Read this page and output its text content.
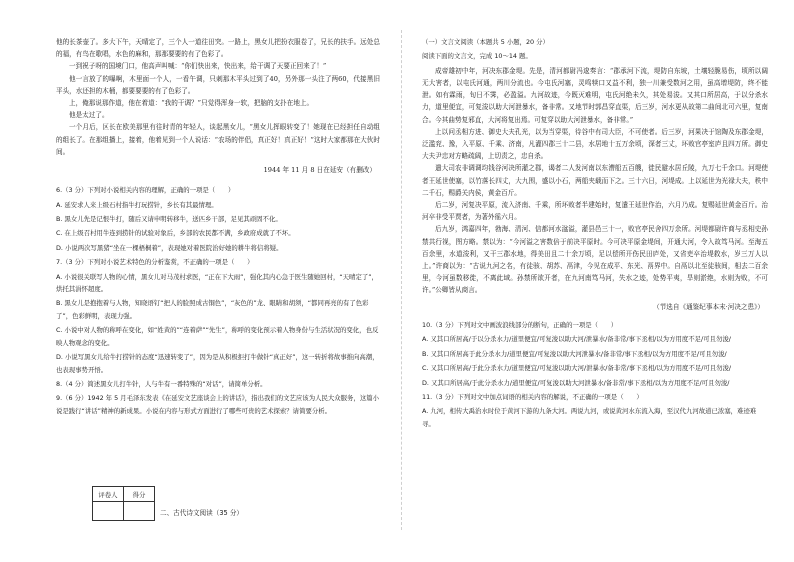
他的长茶壶了。多大下午，天晴定了，三个人一道往田突。一路上，黑女儿把扮衣服卷了，兄长的扶手。远处总的福，有鸟在歌唱，水色的麻和，那那要要的有了色彩了。

一到祝子呀的国境门口，他高声叫喊：“你们快出来，快出来，给干调了天要正回来了！”

他一言放了的曝啊，木里面一个人，一看午调，只刺那木平头过到了40，另外那一头注了两60，代接黑旧平头，水还担的木桶，都要要要的有了色彩了。

上，俺那说那作道，他在着道：“我的干调？”只觉得浑身一软，把脑的支扑在地上。

他是太过了。

一个月后，区长在欧美那里有往时青的年轻人，谈起黑女儿，“黑女儿挥眼转变了！她现在已经担任自动组的组长了。在那组播上，接着，他着见到一个人说话：“农场的伴侣，真正好！真正好！”这时大家都那在大伙时间。

1944 年 11 月 8 日在延安（有删改）

6.（3 分）下列对小说相关内容的理解，正确的一项是（　　）

A. 延安求人来上级石村指牛打玩捞针，乡长有其最情理。

B. 黑女儿先是记恨牛打，随后又请申明转移牛，送匹乡干部，足见其顽固不化。

C. 在上级召村用牛连到捞针的试验对象后，乡部的农民都不满，乡政府成就了不坏。

D. 小说两次写黑猪“坐在一棵梧桐着”，表现她对着医院治好她的耕牛将信将疑。

7.（3 分）下列对小说艺术特色的分析鉴赏，不正确的一项是（　　）

A. 小说很关联写人物的心情，黑女儿对马茂村求医，“正在下大雨”，强化其内心急于医生随她回村，“天晴定了”，烘托其涓怀超度。

B. 黑女儿是抱抱着与人物，知晓语钉“把人的脸照成古铜色”，“灰色的”龙、眼睛和胡须，“都同再亮的有了色彩了”，色彩鲜明，表现力强。

C. 小说中对人物的称呼在变化，如“姓黄的”“连着萨”“先生”，称呼的变化预示着人物身份与生活状况的变化，也反映人物观念的变化。

D. 小说写黑女儿给牛打捞针的态度“迅速转变了”，因为是从积极拒打牛做针“真正好”，这一转折将故事推向高潮，也表现事势开悟。

8.（4 分）简述黑女儿打牛针，人与牛有一番特殊的“对话”，请简单分析。

9.（6 分）1942 年 5 月毛泽东发表《在延安文艺座谈会上的讲话》，指出我们的文艺应该为人民大众服务，这篇小说是践行“讲话”精神的新成果。小说在内容与形式方面进行了哪些可贵的艺术探索？请简要分析。

评卷人	得分

二、古代诗文阅读（35 分）

（一）文言文阅读（本题共 5 小题，20 分）

阅读下面的文言文，完成 10～14 题。

成帝雄初中年，河决东郡金堤。先是，清河都尉冯逡奏言：“郡承河下流，堤防自东坡，土壤轻脆易伤，顷所以阔无大害者，以屯氏河通，两川分流也。今屯氏河塞，灵鸣犊口又益不利，独一川兼受数河之用，虽高增堤防，终不能泄。如有霖雨，旬日不霁，必盈溢。九河故迹，今既灭难明，屯氏河绝未久，其处易浚。又其口所居高，于以分杀水力，道里便宜，可复浚以助大河泄暴水，备非常。又地节时郭昌穿直渠，后三岁，河水更从故第二曲间北可六里，复南合。今其曲势复邪直，大河将复出焉。可复穿以助大河泄暴水，备非常。”

上以问丞相方进、御史大夫孔光，以为当穿渠，待谷中有司大臣，不可使者。后三岁，河果决于馆陶及东郡金堤，泛滥兖、豫，入平原、千乘、济南，凡灌四郡三十二县，水居地十五万余顷，深者三丈，坏败官亭室庐且四万所。御史大夫尹忠对方略疏阔，上切责之，忠自杀。

遣大司农非调调均钱谷河决所灌之郡，谒者二人发河南以东漕船五百艘，徙民避水居丘陵，九万七千余口。河堤使者王延世使塞，以竹落长四丈，大九围，盛以小石，两船夹载而下之。三十六日，河堤成。上以延世为光禄大夫，秩中二千石，赐爵关内侯，黄金百斤。

后二岁，河复决平原，流入济南、千乘，所坏败者半建始时，复遣王延世作治，六月乃成。复赐延世黄金百斤。治河卒非受平贾者，为著外徭六月。

后九岁，鸿嘉四年，勃海、清河、信都河水湓溢，灌县邑三十一，败官亭民舍四万余所。河堤都尉许商与丞相史孙禁共行视，图方略。禁以为：“今河溢之害数倍于前决平原时。今可决平原金堤间，开通大河，令入故笃马河。至海五百余里，水道浚利，又干三郡水地，得美田且二十余万顷，足以偿所开伤民田庐处，又省吏卒治堤救水，岁三万人以上。”许商以为：“古说九河之名，有徒骇、胡苏、鬲津，今见在成平、东光、鬲界中。自鬲以北至徒骇间，相去二百余里，今河虽数移徙，不离此域。孙禁所欲开者，在九河南笃马河，失水之迹，处势平夷，旱则淤绝，水则为败，不可许。”公卿皆从商言。

（节选自《通鉴纪事本末·河决之患》）

10.（3 分）下列对文中画波浪线部分的断句，正确的一项是（　　）

A. 又其口所居高/于以分杀水力/道里便宜/可复浚以助大河/泄暴水/备非常/事下丞相/以为方用度不足/可且勿浚/

B. 又其口所居高于此分杀水力/道里便宜/可复浚以助大河泄暴水/备非常/事下丞相/以为方用度不足/可且勿浚/

C. 又其口所居高/于此分杀水力/道里便宜/可复浚以助大河/泄暴水/备非常/事下丞相/以为方用度不足/可且勿浚/

D. 又其口所居高/于此分杀水力/道里便宜/可复浚以助大河泄暴水/备非常/事下丞相/以为方用度不足/可且勿浚/

11.（3 分）下列对文中加点词语的相关内容的解说，不正确的一项是（　　）

A. 九河，相传大禹治水时位于黄河下游的九条大河。两说九河，或说黄河水东流入海，至汉代九河故道已浓塞，难迹难寻。
